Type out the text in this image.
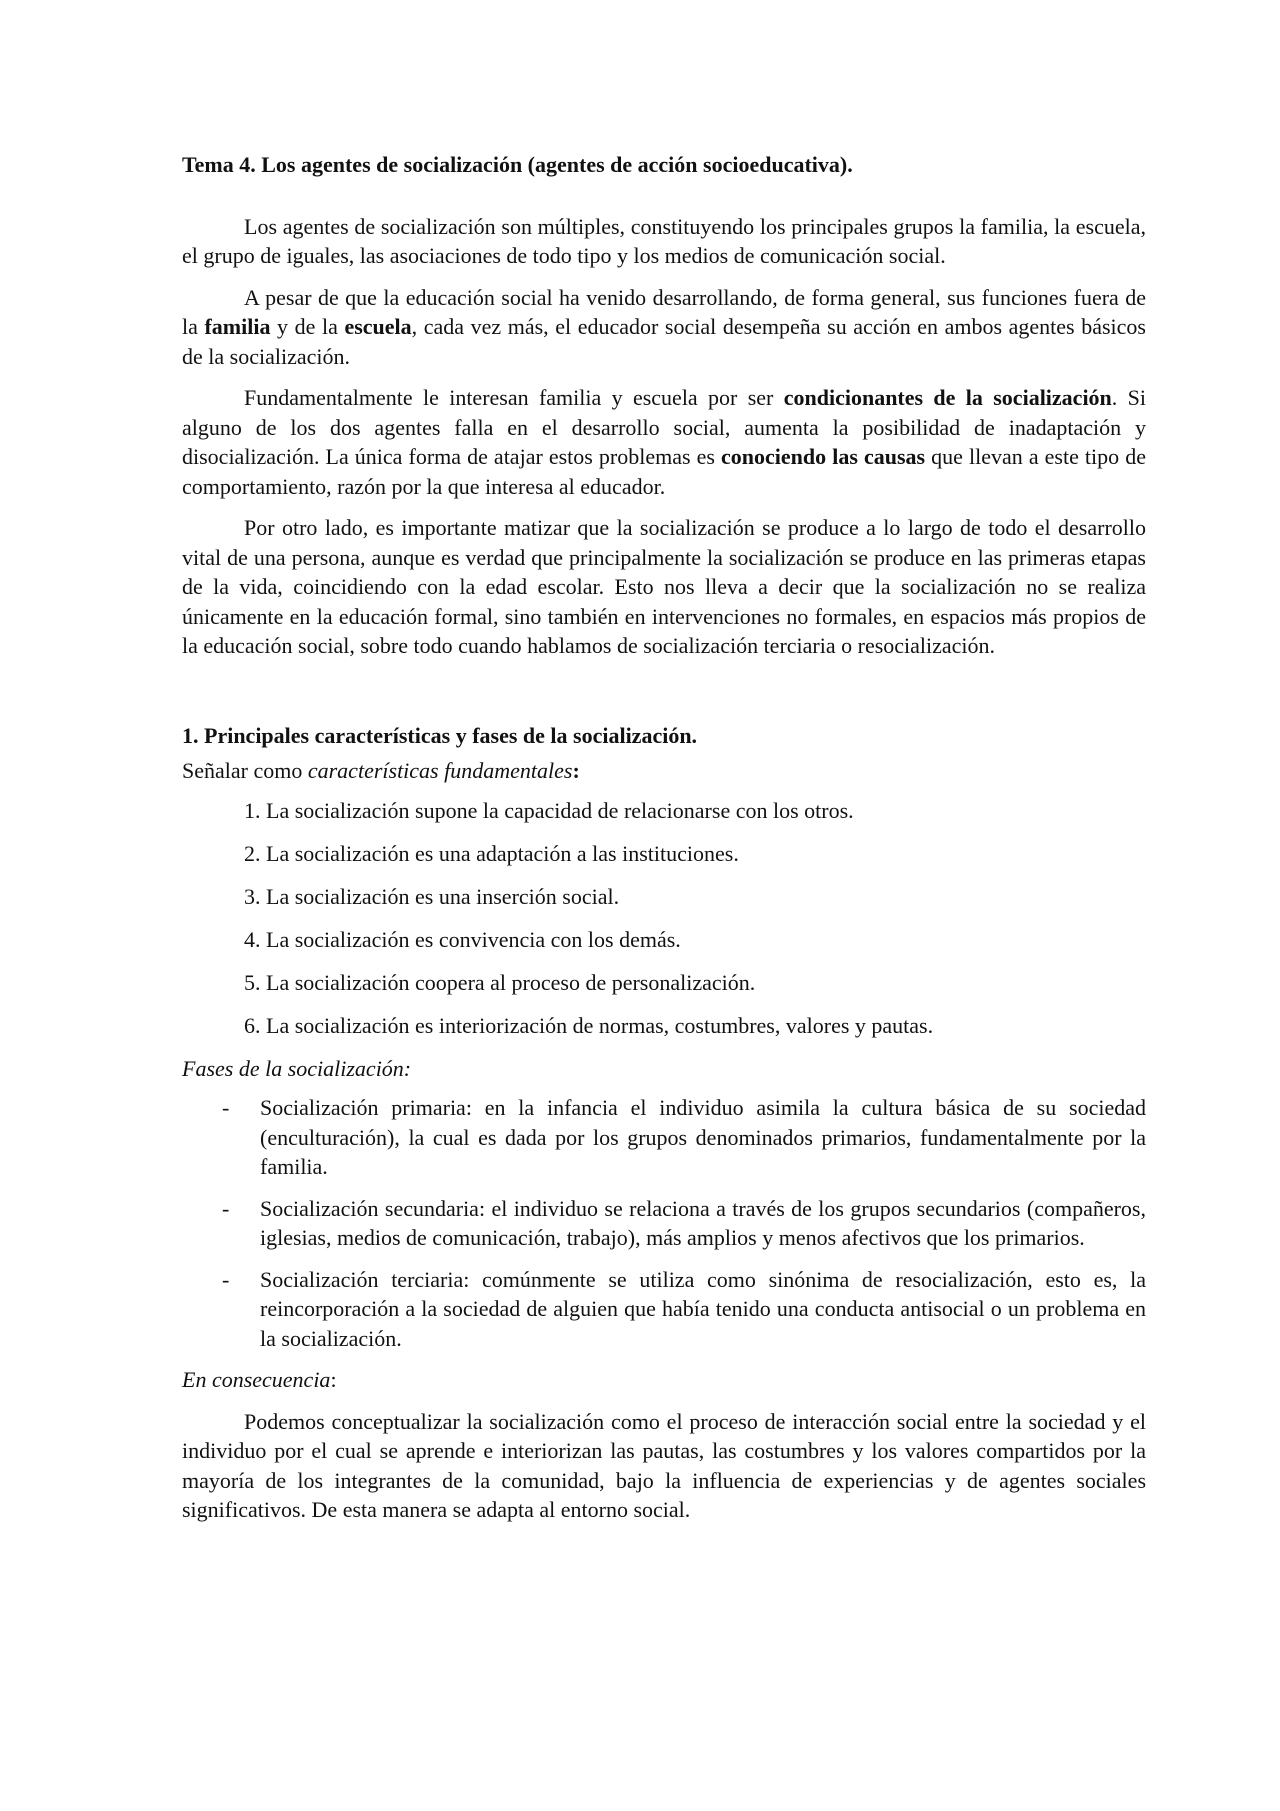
Tema 4. Los agentes de socialización (agentes de acción socioeducativa).

Los agentes de socialización son múltiples, constituyendo los principales grupos la familia, la escuela, el grupo de iguales, las asociaciones de todo tipo y los medios de comunicación social.

A pesar de que la educación social ha venido desarrollando, de forma general, sus funciones fuera de la familia y de la escuela, cada vez más, el educador social desempeña su acción en ambos agentes básicos de la socialización.

Fundamentalmente le interesan familia y escuela por ser condicionantes de la socialización. Si alguno de los dos agentes falla en el desarrollo social, aumenta la posibilidad de inadaptación y disocialización. La única forma de atajar estos problemas es conociendo las causas que llevan a este tipo de comportamiento, razón por la que interesa al educador.

Por otro lado, es importante matizar que la socialización se produce a lo largo de todo el desarrollo vital de una persona, aunque es verdad que principalmente la socialización se produce en las primeras etapas de la vida, coincidiendo con la edad escolar. Esto nos lleva a decir que la socialización no se realiza únicamente en la educación formal, sino también en intervenciones no formales, en espacios más propios de la educación social, sobre todo cuando hablamos de socialización terciaria o resocialización.

1. Principales características y fases de la socialización.
Señalar como características fundamentales:
1. La socialización supone la capacidad de relacionarse con los otros.
2. La socialización es una adaptación a las instituciones.
3. La socialización es una inserción social.
4. La socialización es convivencia con los demás.
5. La socialización coopera al proceso de personalización.
6. La socialización es interiorización de normas, costumbres, valores y pautas.
Fases de la socialización:
- Socialización primaria: en la infancia el individuo asimila la cultura básica de su sociedad (enculturación), la cual es dada por los grupos denominados primarios, fundamentalmente por la familia.
- Socialización secundaria: el individuo se relaciona a través de los grupos secundarios (compañeros, iglesias, medios de comunicación, trabajo), más amplios y menos afectivos que los primarios.
- Socialización terciaria: comúnmente se utiliza como sinónima de resocialización, esto es, la reincorporación a la sociedad de alguien que había tenido una conducta antisocial o un problema en la socialización.
En consecuencia:

Podemos conceptualizar la socialización como el proceso de interacción social entre la sociedad y el individuo por el cual se aprende e interiorizan las pautas, las costumbres y los valores compartidos por la mayoría de los integrantes de la comunidad, bajo la influencia de experiencias y de agentes sociales significativos. De esta manera se adapta al entorno social.
